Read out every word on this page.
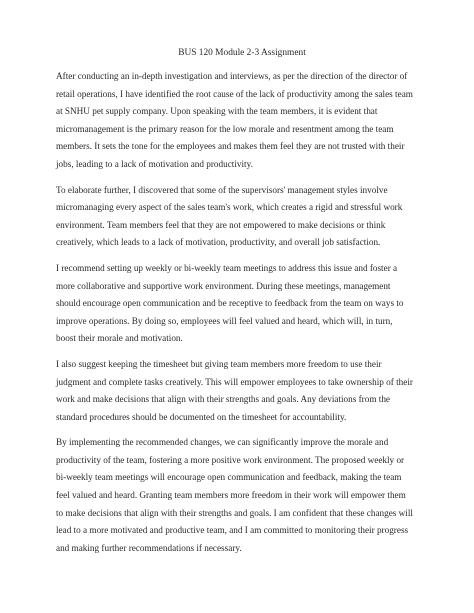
BUS 120 Module 2-3 Assignment
After conducting an in-depth investigation and interviews, as per the direction of the director of
retail operations, I have identified the root cause of the lack of productivity among the sales team
at SNHU pet supply company. Upon speaking with the team members, it is evident that
micromanagement is the primary reason for the low morale and resentment among the team
members. It sets the tone for the employees and makes them feel they are not trusted with their
jobs, leading to a lack of motivation and productivity.
To elaborate further, I discovered that some of the supervisors' management styles involve
micromanaging every aspect of the sales team's work, which creates a rigid and stressful work
environment. Team members feel that they are not empowered to make decisions or think
creatively, which leads to a lack of motivation, productivity, and overall job satisfaction.
I recommend setting up weekly or bi-weekly team meetings to address this issue and foster a
more collaborative and supportive work environment. During these meetings, management
should encourage open communication and be receptive to feedback from the team on ways to
improve operations. By doing so, employees will feel valued and heard, which will, in turn,
boost their morale and motivation.
I also suggest keeping the timesheet but giving team members more freedom to use their
judgment and complete tasks creatively. This will empower employees to take ownership of their
work and make decisions that align with their strengths and goals. Any deviations from the
standard procedures should be documented on the timesheet for accountability.
By implementing the recommended changes, we can significantly improve the morale and
productivity of the team, fostering a more positive work environment. The proposed weekly or
bi-weekly team meetings will encourage open communication and feedback, making the team
feel valued and heard. Granting team members more freedom in their work will empower them
to make decisions that align with their strengths and goals. I am confident that these changes will
lead to a more motivated and productive team, and I am committed to monitoring their progress
and making further recommendations if necessary.
